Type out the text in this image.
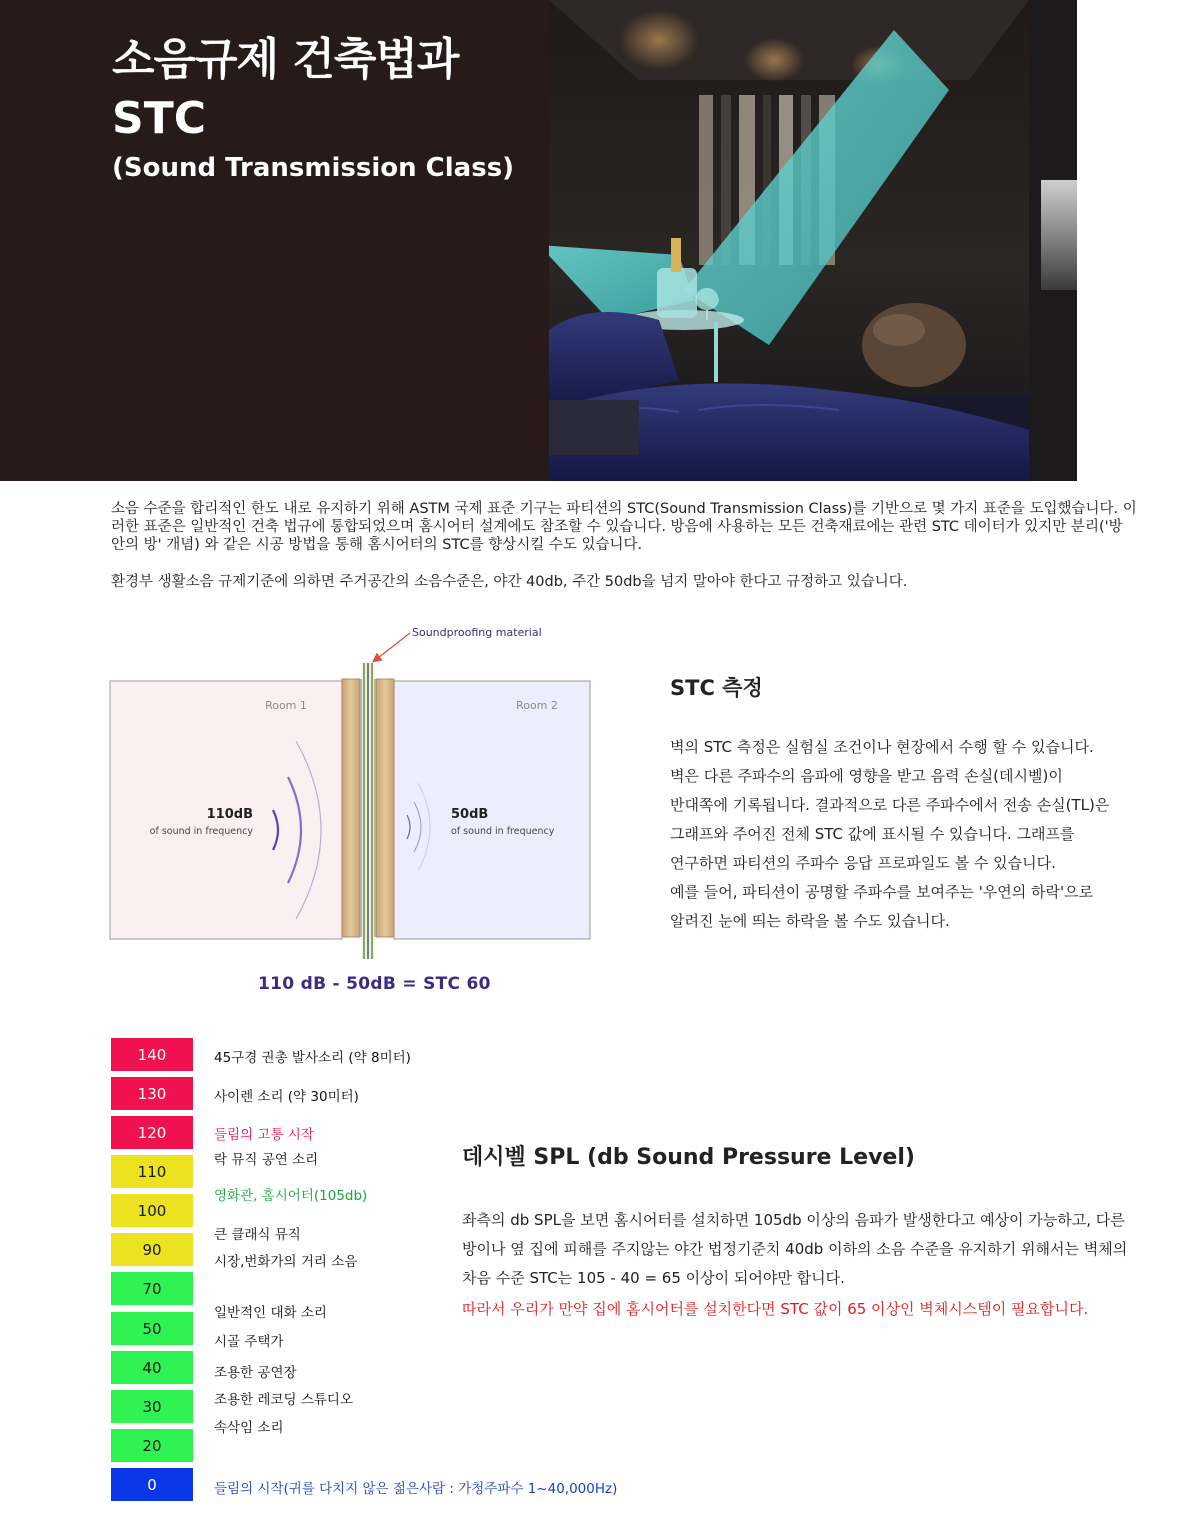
소음규제 건축법과
STC
(Sound Transmission Class)

소음 수준을 합리적인 한도 내로 유지하기 위해 ASTM 국제 표준 기구는 파티션의 STC(Sound Transmission Class)를 기반으로 몇 가지 표준을 도입했습니다. 이러한 표준은 일반적인 건축 법규에 통합되었으며 홈시어터 설계에도 참조할 수 있습니다. 방음에 사용하는 모든 건축재료에는 관련 STC 데이터가 있지만 분리('방 안의 방' 개념) 와 같은 시공 방법을 통해 홈시어터의 STC를 향상시킬 수도 있습니다.

환경부 생활소음 규제기준에 의하면 주거공간의 소음수준은, 야간 40db, 주간 50db을 넘지 말아야 한다고 규정하고 있습니다.

Room 1	Room 2
Soundproofing material
110dB
of sound in frequency
50dB
of sound in frequency
110 dB - 50dB = STC 60
STC 측정

벽의 STC 측정은 실험실 조건이나 현장에서 수행 할 수 있습니다.

벽은 다른 주파수의 음파에 영향을 받고 음력 손실(데시벨)이

반대쪽에 기록됩니다. 결과적으로 다른 주파수에서 전송 손실(TL)은

그래프와 주어진 전체 STC 값에 표시될 수 있습니다. 그래프를

연구하면 파티션의 주파수 응답 프로파일도 볼 수 있습니다.

예를 들어, 파티션이 공명할 주파수를 보여주는 '우연의 하락'으로

알려진 눈에 띄는 하락을 볼 수도 있습니다.

140
130
120
110
100
90
70
50
40
30
20
0
45구경 권총 발사소리 (약 8미터)
사이렌 소리 (약 30미터)
들림의 고통 시작
락 뮤직 공연 소리
영화관, 홈시어터(105db)
큰 클래식 뮤직
시장,번화가의 거리 소음
일반적인 대화 소리
시골 주택가
조용한 공연장
조용한 레코딩 스튜디오
속삭임 소리
들림의 시작(귀를 다치지 않은 젊은사람 : 가청주파수 1~40,000Hz)
데시벨 SPL (db Sound Pressure Level)

좌측의 db SPL을 보면 홈시어터를 설치하면 105db 이상의 음파가 발생한다고 예상이 가능하고, 다른

방이나 옆 집에 피해를 주지않는 야간 법정기준치 40db 이하의 소음 수준을 유지하기 위해서는 벽체의

차음 수준 STC는 105 - 40 = 65 이상이 되어야만 합니다.

따라서 우리가 만약 집에 홈시어터를 설치한다면 STC 값이 65 이상인 벽체시스템이 필요합니다.
